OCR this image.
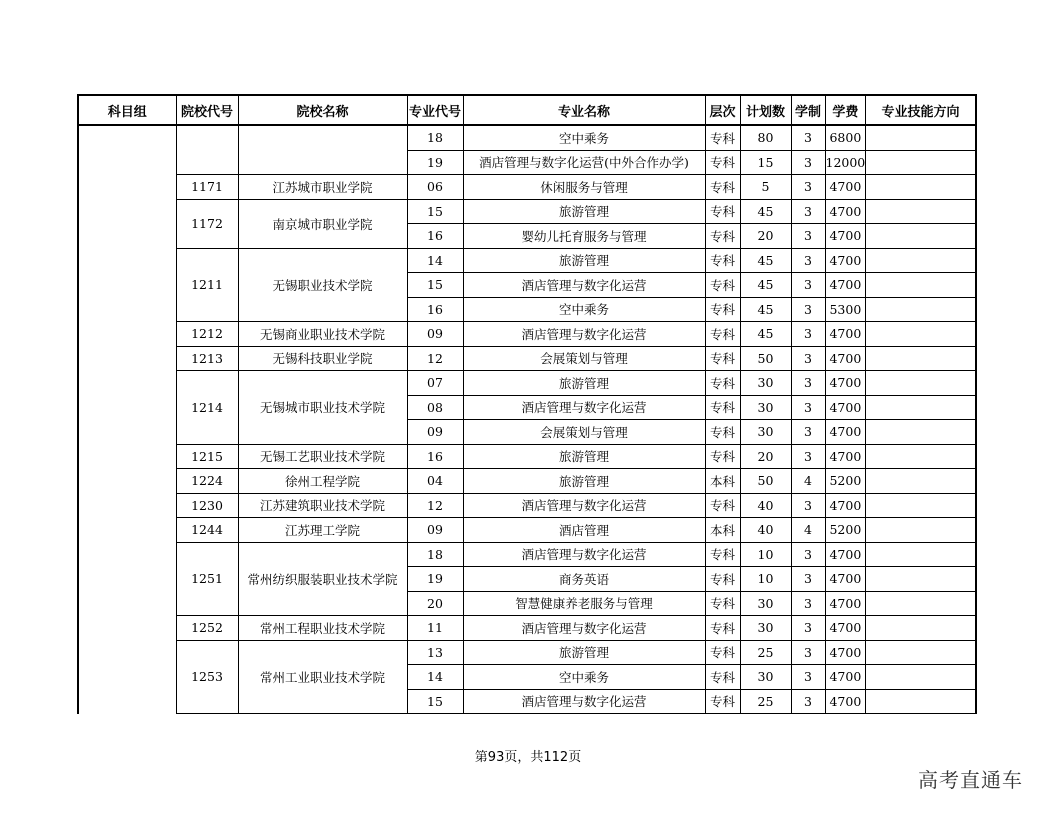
科目组	院校代号	院校名称	专业代号	专业名称	层次	计划数	学制	学费	专业技能方向
			18	空中乘务	专科	80	3	6800	
			19	酒店管理与数字化运营(中外合作办学)	专科	15	3	12000	
	1171	江苏城市职业学院	06	休闲服务与管理	专科	5	3	4700	
	1172	南京城市职业学院	15	旅游管理	专科	45	3	4700	
			16	婴幼儿托育服务与管理	专科	20	3	4700	
	1211	无锡职业技术学院	14	旅游管理	专科	45	3	4700	
			15	酒店管理与数字化运营	专科	45	3	4700	
			16	空中乘务	专科	45	3	5300	
	1212	无锡商业职业技术学院	09	酒店管理与数字化运营	专科	45	3	4700	
	1213	无锡科技职业学院	12	会展策划与管理	专科	50	3	4700	
	1214	无锡城市职业技术学院	07	旅游管理	专科	30	3	4700	
			08	酒店管理与数字化运营	专科	30	3	4700	
			09	会展策划与管理	专科	30	3	4700	
	1215	无锡工艺职业技术学院	16	旅游管理	专科	20	3	4700	
	1224	徐州工程学院	04	旅游管理	本科	50	4	5200	
	1230	江苏建筑职业技术学院	12	酒店管理与数字化运营	专科	40	3	4700	
	1244	江苏理工学院	09	酒店管理	本科	40	4	5200	
	1251	常州纺织服装职业技术学院	18	酒店管理与数字化运营	专科	10	3	4700	
			19	商务英语	专科	10	3	4700	
			20	智慧健康养老服务与管理	专科	30	3	4700	
	1252	常州工程职业技术学院	11	酒店管理与数字化运营	专科	30	3	4700	
	1253	常州工业职业技术学院	13	旅游管理	专科	25	3	4700	
			14	空中乘务	专科	30	3	4700	
			15	酒店管理与数字化运营	专科	25	3	4700	
第93页，共112页
高考直通车
